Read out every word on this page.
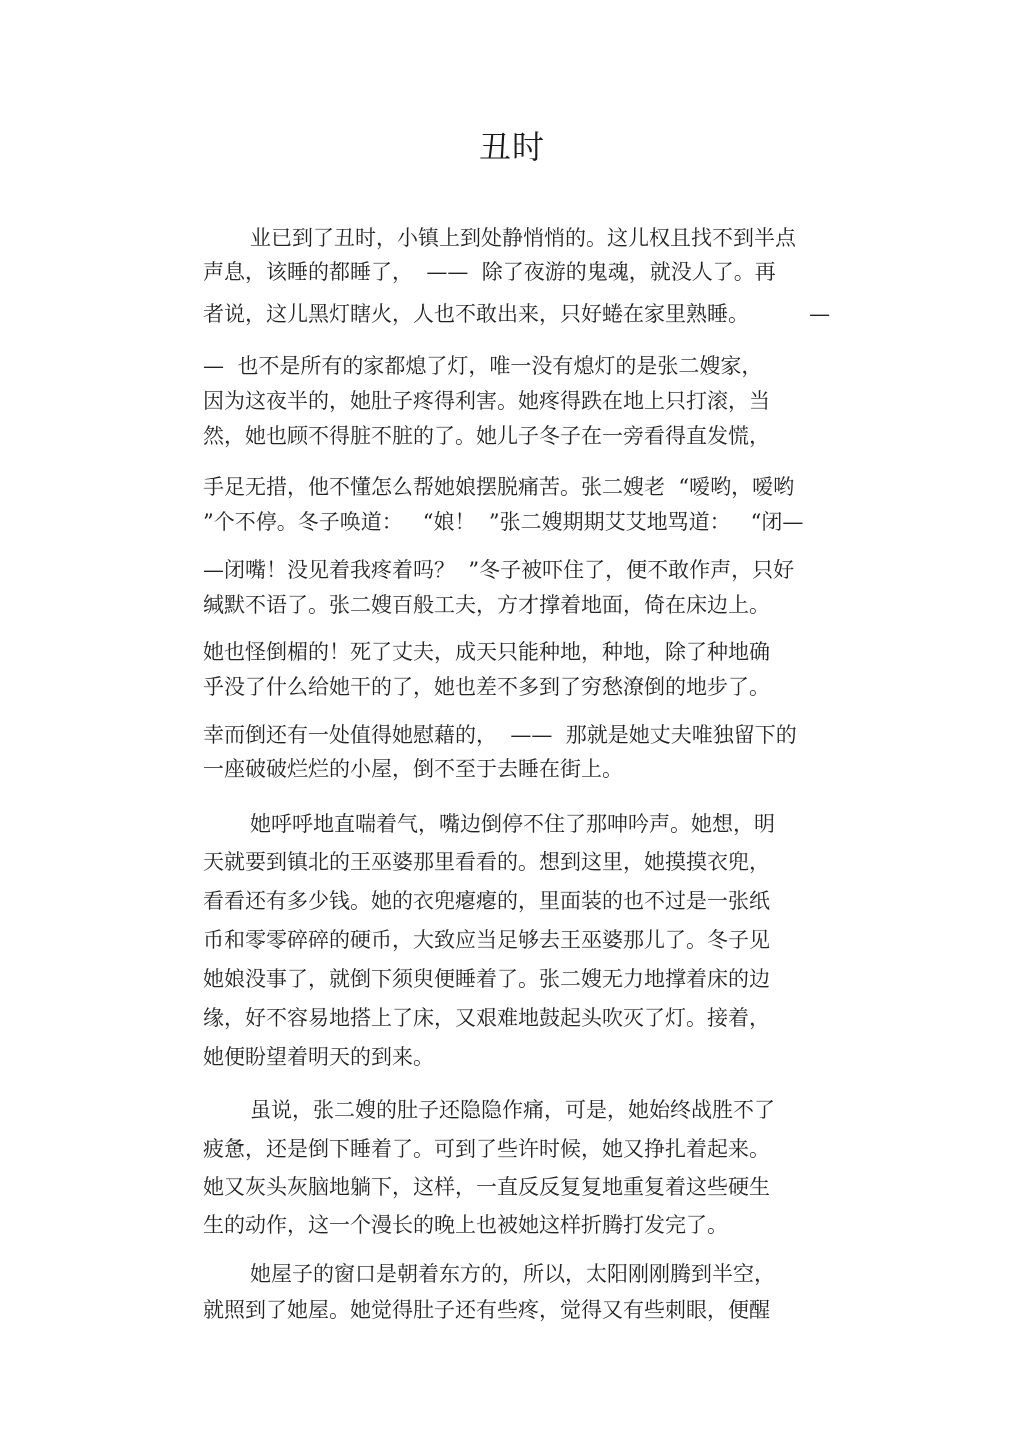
丑时
业已到了丑时，小镇上到处静悄悄的。这儿权且找不到半点
声息，该睡的都睡了，  ——  除了夜游的鬼魂，就没人了。再
者说，这儿黑灯瞎火，人也不敢出来，只好蜷在家里熟睡。         —
—  也不是所有的家都熄了灯，唯一没有熄灯的是张二嫂家，
因为这夜半的，她肚子疼得利害。她疼得跌在地上只打滚，当
然，她也顾不得脏不脏的了。她儿子冬子在一旁看得直发慌，
手足无措，他不懂怎么帮她娘摆脱痛苦。张二嫂老  “嗳哟，嗳哟
”个不停。冬子唤道：   “娘！  ”张二嫂期期艾艾地骂道：   “闭—
—闭嘴！没见着我疼着吗？  ”冬子被吓住了，便不敢作声，只好
缄默不语了。张二嫂百般工夫，方才撑着地面，倚在床边上。
她也怪倒楣的！死了丈夫，成天只能种地，种地，除了种地确
乎没了什么给她干的了，她也差不多到了穷愁潦倒的地步了。
幸而倒还有一处值得她慰藉的，  ——  那就是她丈夫唯独留下的
一座破破烂烂的小屋，倒不至于去睡在街上。
她呼呼地直喘着气，嘴边倒停不住了那呻吟声。她想，明
天就要到镇北的王巫婆那里看看的。想到这里，她摸摸衣兜，
看看还有多少钱。她的衣兜瘪瘪的，里面装的也不过是一张纸
币和零零碎碎的硬币，大致应当足够去王巫婆那儿了。冬子见
她娘没事了，就倒下须臾便睡着了。张二嫂无力地撑着床的边
缘，好不容易地搭上了床，又艰难地鼓起头吹灭了灯。接着，
她便盼望着明天的到来。
虽说，张二嫂的肚子还隐隐作痛，可是，她始终战胜不了
疲惫，还是倒下睡着了。可到了些许时候，她又挣扎着起来。
她又灰头灰脑地躺下，这样，一直反反复复地重复着这些硬生
生的动作，这一个漫长的晚上也被她这样折腾打发完了。
她屋子的窗口是朝着东方的，所以，太阳刚刚腾到半空，
就照到了她屋。她觉得肚子还有些疼，觉得又有些刺眼，便醒
